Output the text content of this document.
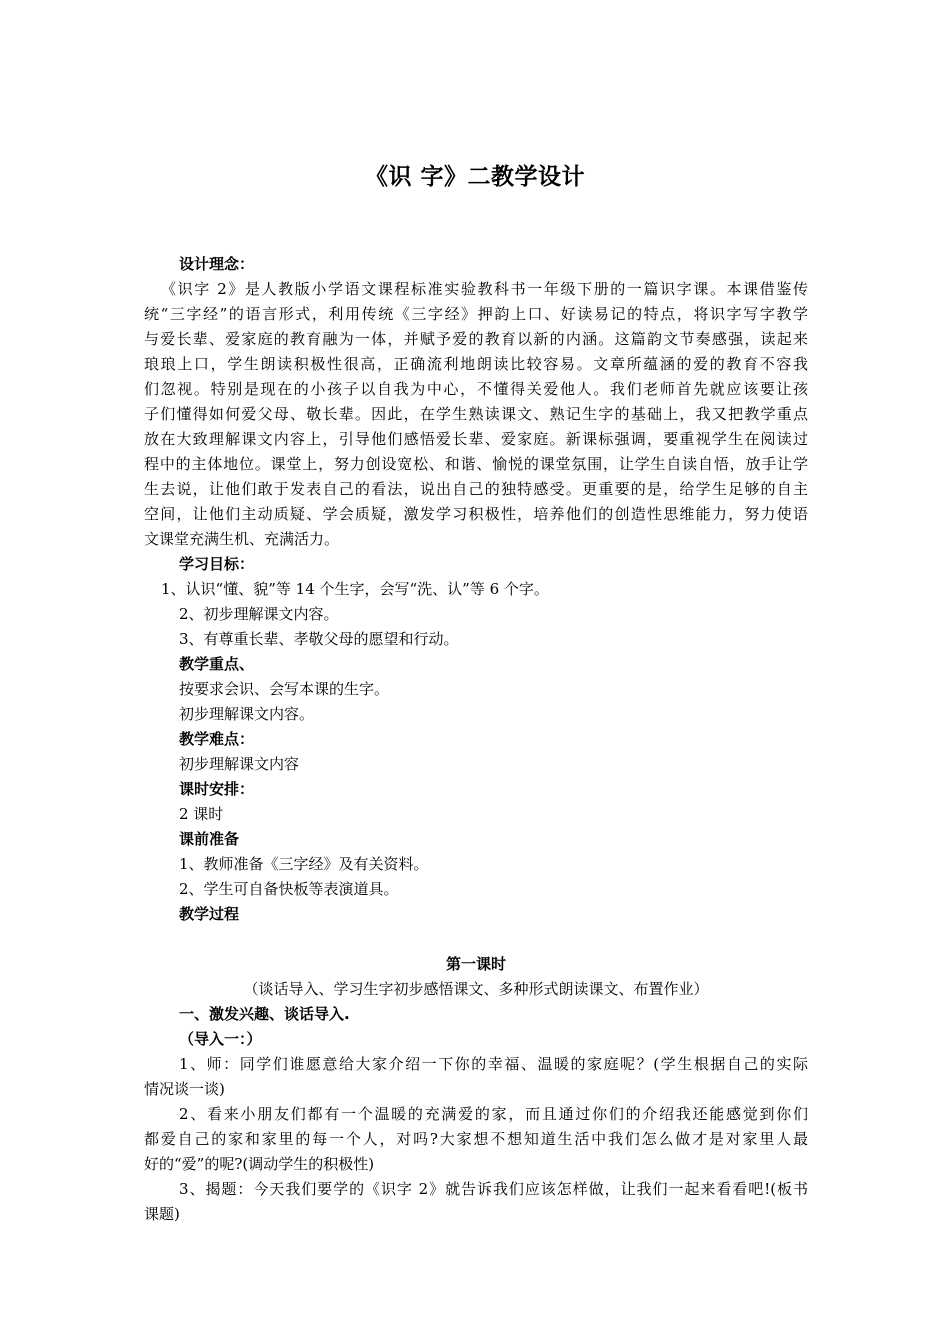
《识 字》二教学设计
设计理念：
《识字 2》是人教版小学语文课程标准实验教科书一年级下册的一篇识字课。本课借鉴传
统“三字经”的语言形式，利用传统《三字经》押韵上口、好读易记的特点，将识字写字教学
与爱长辈、爱家庭的教育融为一体，并赋予爱的教育以新的内涵。这篇韵文节奏感强，读起来
琅琅上口，学生朗读积极性很高，正确流利地朗读比较容易。文章所蕴涵的爱的教育不容我
们忽视。特别是现在的小孩子以自我为中心，不懂得关爱他人。我们老师首先就应该要让孩
子们懂得如何爱父母、敬长辈。因此，在学生熟读课文、熟记生字的基础上，我又把教学重点
放在大致理解课文内容上，引导他们感悟爱长辈、爱家庭。新课标强调，要重视学生在阅读过
程中的主体地位。课堂上，努力创设宽松、和谐、愉悦的课堂氛围，让学生自读自悟，放手让学
生去说，让他们敢于发表自己的看法，说出自己的独特感受。更重要的是，给学生足够的自主
空间，让他们主动质疑、学会质疑，激发学习积极性，培养他们的创造性思维能力，努力使语
文课堂充满生机、充满活力。
学习目标：
1、认识“懂、貌”等 14 个生字，会写“洗、认”等 6 个字。
2、初步理解课文内容。
3、有尊重长辈、孝敬父母的愿望和行动。
教学重点、
按要求会识、会写本课的生字。
初步理解课文内容。
教学难点：
初步理解课文内容
课时安排：
2 课时
课前准备
1、教师准备《三字经》及有关资料。
2、学生可自备快板等表演道具。
教学过程
第一课时
（谈话导入、学习生字初步感悟课文、多种形式朗读课文、布置作业）
一、激发兴趣、谈话导入.
（导入一：）
1、师：同学们谁愿意给大家介绍一下你的幸福、温暖的家庭呢？(学生根据自己的实际
情况谈一谈)
2、看来小朋友们都有一个温暖的充满爱的家，而且通过你们的介绍我还能感觉到你们
都爱自己的家和家里的每一个人，对吗?大家想不想知道生活中我们怎么做才是对家里人最
好的“爱”的呢?(调动学生的积极性)
3、揭题：今天我们要学的《识字 2》就告诉我们应该怎样做，让我们一起来看看吧!(板书
课题)
